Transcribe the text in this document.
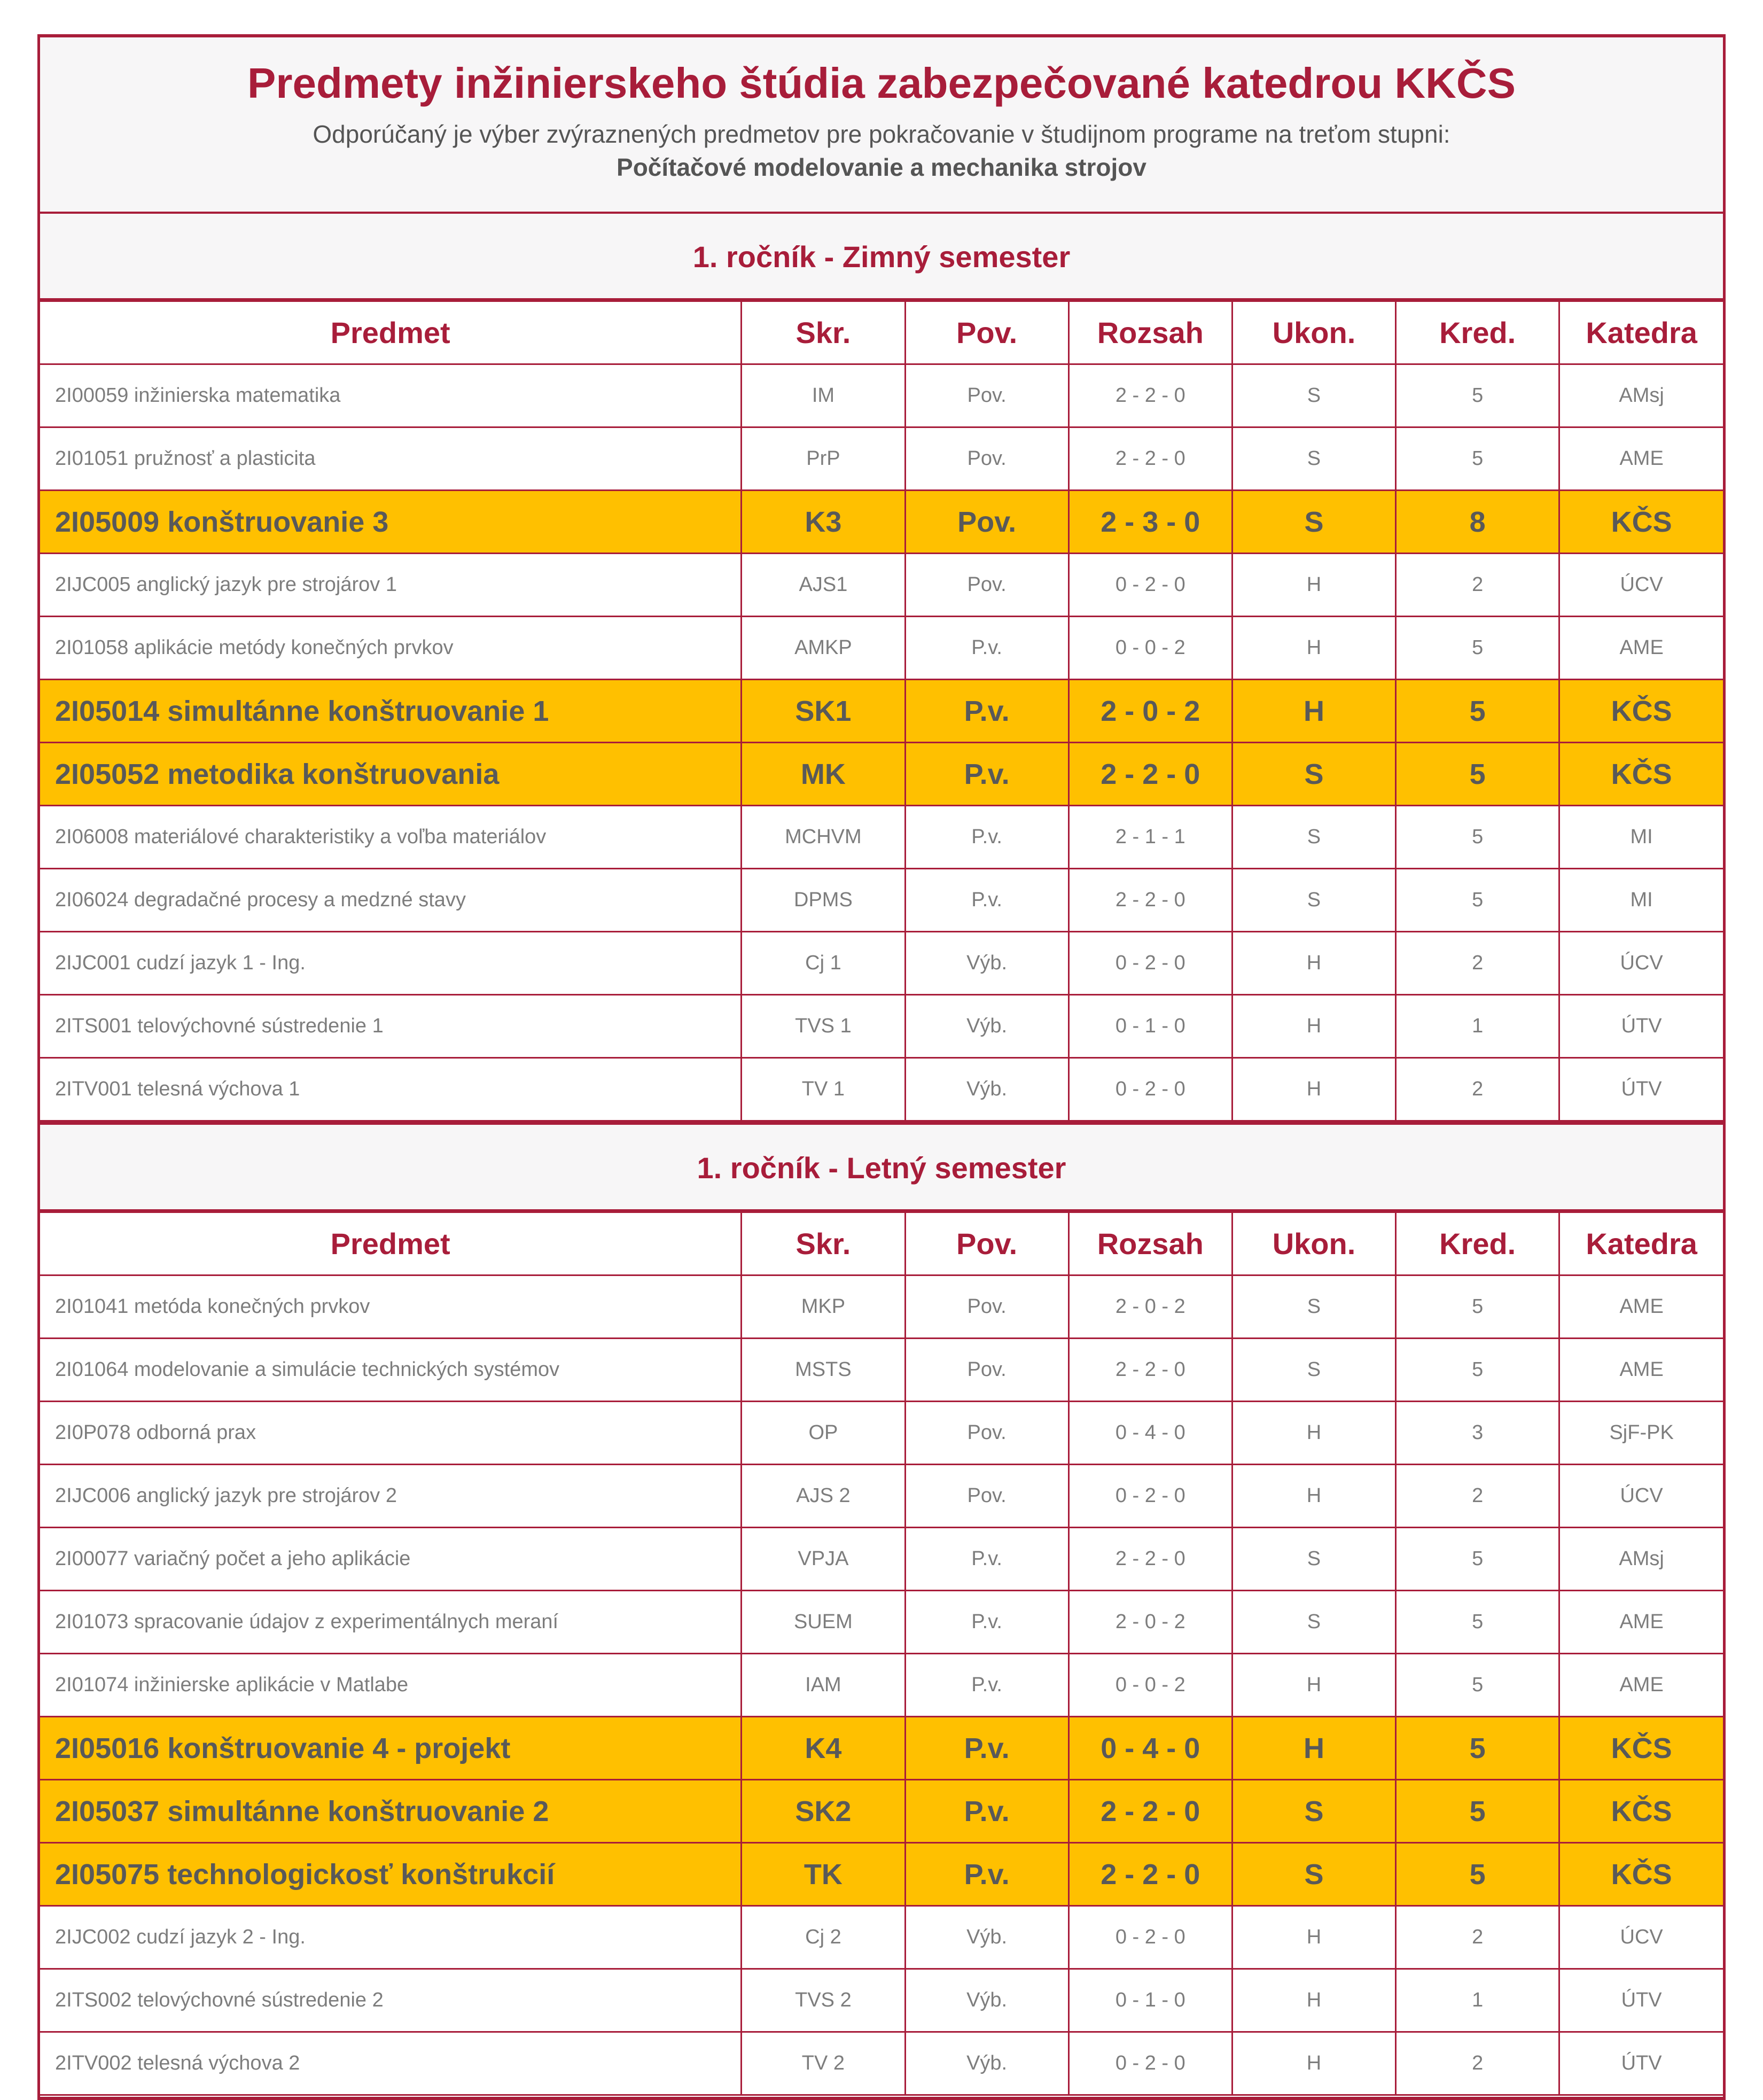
Predmety inžinierskeho štúdia zabezpečované katedrou KKČS
Odporúčaný je výber zvýraznených predmetov pre pokračovanie v študijnom programe na treťom stupni:
Počítačové modelovanie a mechanika strojov
1. ročník - Zimný semester
Predmet	Skr.	Pov.	Rozsah	Ukon.	Kred.	Katedra
2I00059 inžinierska matematika	IM	Pov.	2 - 2 - 0	S	5	AMsj
2I01051 pružnosť a plasticita	PrP	Pov.	2 - 2 - 0	S	5	AME
2I05009 konštruovanie 3	K3	Pov.	2 - 3 - 0	S	8	KČS
2IJC005 anglický jazyk pre strojárov 1	AJS1	Pov.	0 - 2 - 0	H	2	ÚCV
2I01058 aplikácie metódy konečných prvkov	AMKP	P.v.	0 - 0 - 2	H	5	AME
2I05014 simultánne konštruovanie 1	SK1	P.v.	2 - 0 - 2	H	5	KČS
2I05052 metodika konštruovania	MK	P.v.	2 - 2 - 0	S	5	KČS
2I06008 materiálové charakteristiky a voľba materiálov	MCHVM	P.v.	2 - 1 - 1	S	5	MI
2I06024 degradačné procesy a medzné stavy	DPMS	P.v.	2 - 2 - 0	S	5	MI
2IJC001 cudzí jazyk 1 - Ing.	Cj 1	Výb.	0 - 2 - 0	H	2	ÚCV
2ITS001 telovýchovné sústredenie 1	TVS 1	Výb.	0 - 1 - 0	H	1	ÚTV
2ITV001 telesná výchova 1	TV 1	Výb.	0 - 2 - 0	H	2	ÚTV
1. ročník - Letný semester
Predmet	Skr.	Pov.	Rozsah	Ukon.	Kred.	Katedra
2I01041 metóda konečných prvkov	MKP	Pov.	2 - 0 - 2	S	5	AME
2I01064 modelovanie a simulácie technických systémov	MSTS	Pov.	2 - 2 - 0	S	5	AME
2I0P078 odborná prax	OP	Pov.	0 - 4 - 0	H	3	SjF-PK
2IJC006 anglický jazyk pre strojárov 2	AJS 2	Pov.	0 - 2 - 0	H	2	ÚCV
2I00077 variačný počet a jeho aplikácie	VPJA	P.v.	2 - 2 - 0	S	5	AMsj
2I01073 spracovanie údajov z experimentálnych meraní	SUEM	P.v.	2 - 0 - 2	S	5	AME
2I01074 inžinierske aplikácie v Matlabe	IAM	P.v.	0 - 0 - 2	H	5	AME
2I05016 konštruovanie 4 - projekt	K4	P.v.	0 - 4 - 0	H	5	KČS
2I05037 simultánne konštruovanie 2	SK2	P.v.	2 - 2 - 0	S	5	KČS
2I05075 technologickosť konštrukcií	TK	P.v.	2 - 2 - 0	S	5	KČS
2IJC002 cudzí jazyk 2 - Ing.	Cj 2	Výb.	0 - 2 - 0	H	2	ÚCV
2ITS002 telovýchovné sústredenie 2	TVS 2	Výb.	0 - 1 - 0	H	1	ÚTV
2ITV002 telesná výchova 2	TV 2	Výb.	0 - 2 - 0	H	2	ÚTV
